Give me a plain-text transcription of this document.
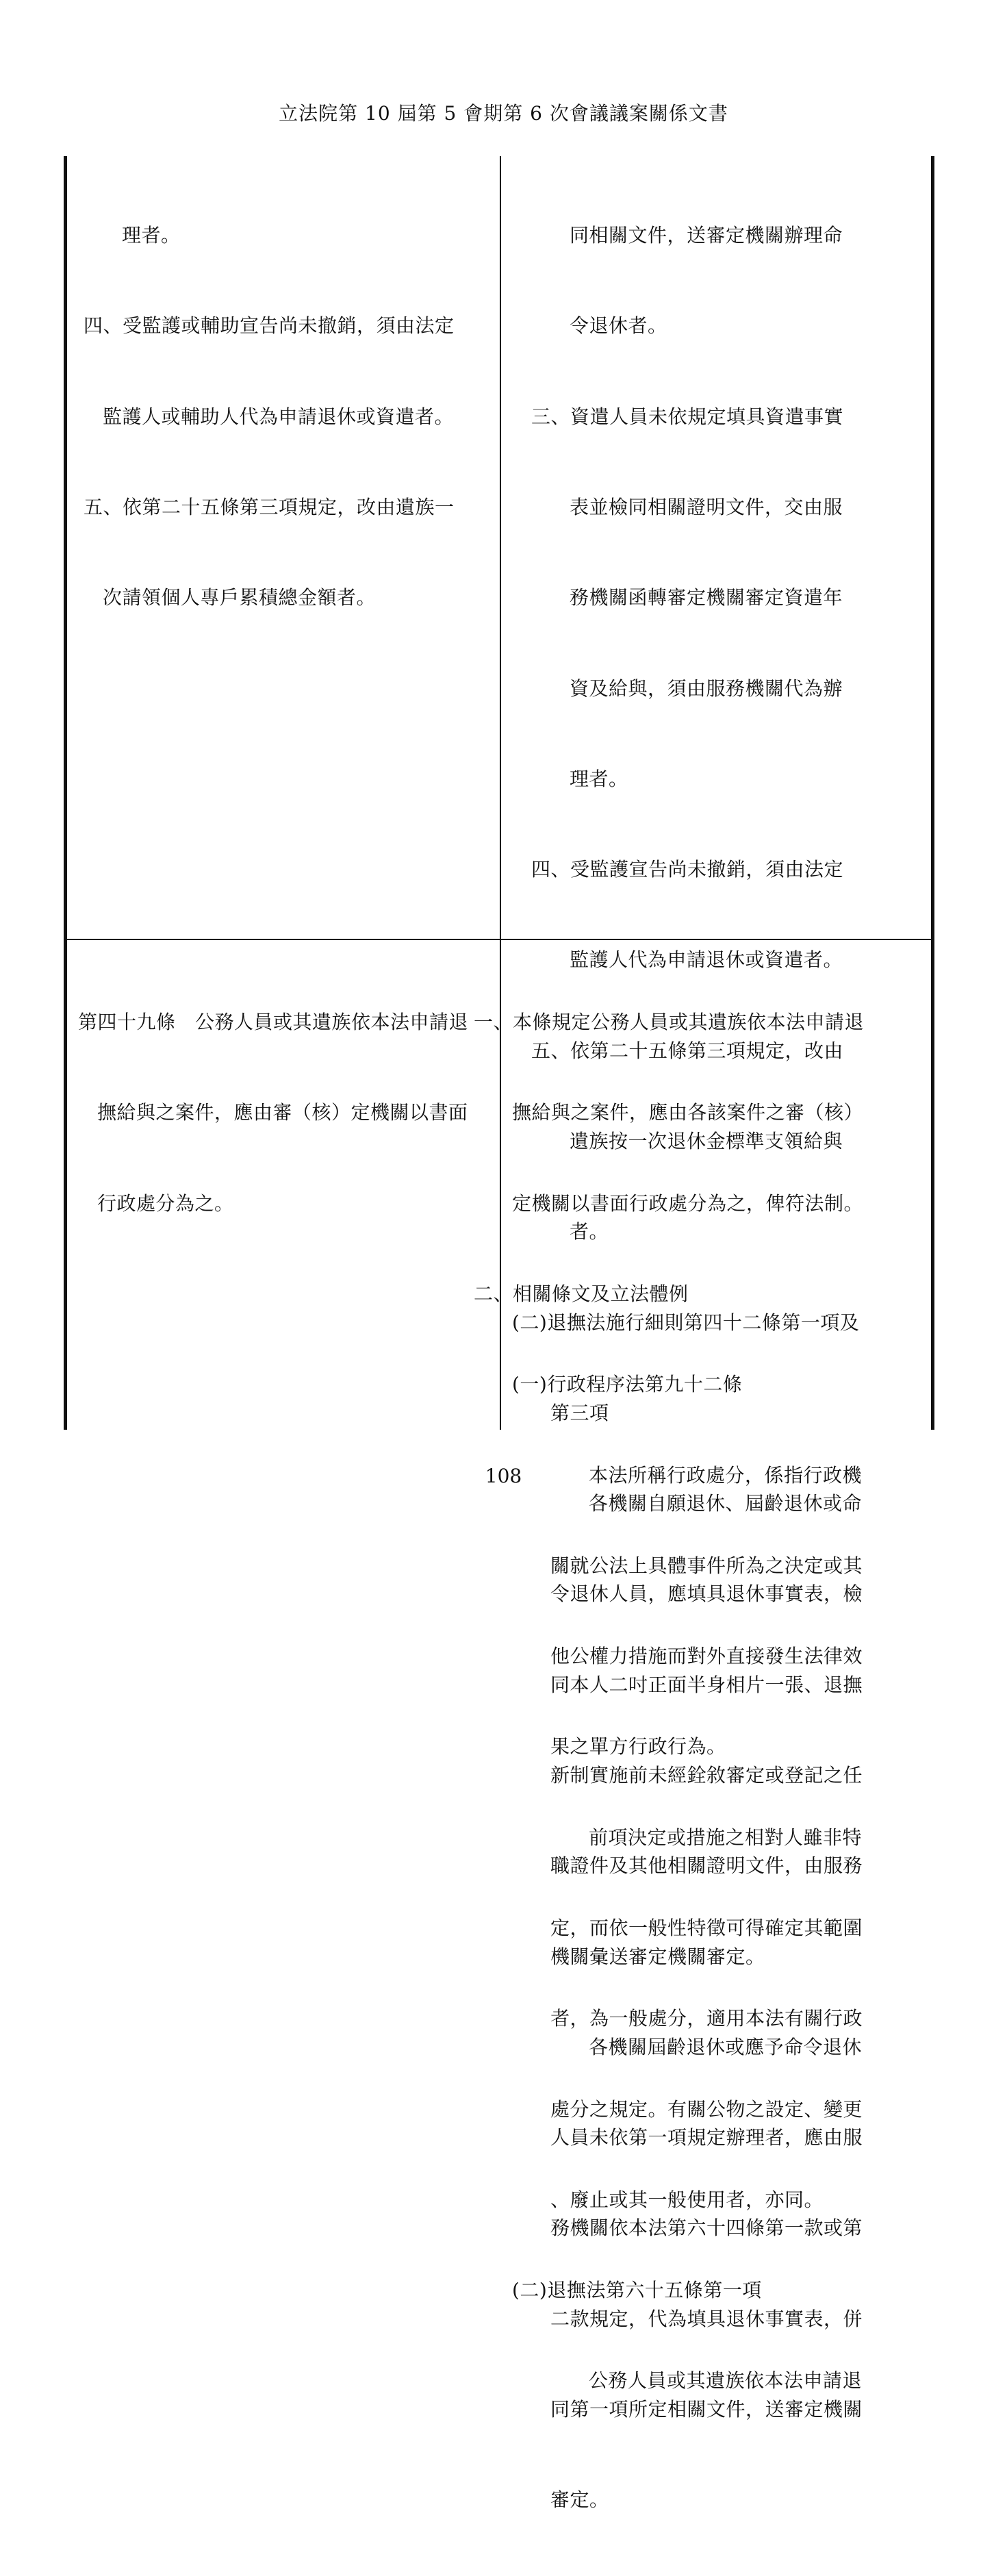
立法院第 10 屆第 5 會期第 6 次會議議案關係文書

理者。

四、受監護或輔助宣告尚未撤銷，須由法定

監護人或輔助人代為申請退休或資遣者。

五、依第二十五條第三項規定，改由遺族一

次請領個人專戶累積總金額者。

同相關文件，送審定機關辦理命

令退休者。

三、資遣人員未依規定填具資遣事實

表並檢同相關證明文件，交由服

務機關函轉審定機關審定資遣年

資及給與，須由服務機關代為辦

理者。

四、受監護宣告尚未撤銷，須由法定

監護人代為申請退休或資遣者。

五、依第二十五條第三項規定，改由

遺族按一次退休金標準支領給與

者。

(二)退撫法施行細則第四十二條第一項及

第三項

各機關自願退休、屆齡退休或命

令退休人員，應填具退休事實表，檢

同本人二吋正面半身相片一張、退撫

新制實施前未經銓敘審定或登記之任

職證件及其他相關證明文件，由服務

機關彙送審定機關審定。

各機關屆齡退休或應予命令退休

人員未依第一項規定辦理者，應由服

務機關依本法第六十四條第一款或第

二款規定，代為填具退休事實表，併

同第一項所定相關文件，送審定機關

審定。

第四十九條　公務人員或其遺族依本法申請退

撫給與之案件，應由審（核）定機關以書面

行政處分為之。

一、本條規定公務人員或其遺族依本法申請退

撫給與之案件，應由各該案件之審（核）

定機關以書面行政處分為之，俾符法制。

二、相關條文及立法體例

(一)行政程序法第九十二條

本法所稱行政處分，係指行政機

關就公法上具體事件所為之決定或其

他公權力措施而對外直接發生法律效

果之單方行政行為。

前項決定或措施之相對人雖非特

定，而依一般性特徵可得確定其範圍

者，為一般處分，適用本法有關行政

處分之規定。有關公物之設定、變更

、廢止或其一般使用者，亦同。

(二)退撫法第六十五條第一項

公務人員或其遺族依本法申請退

108
